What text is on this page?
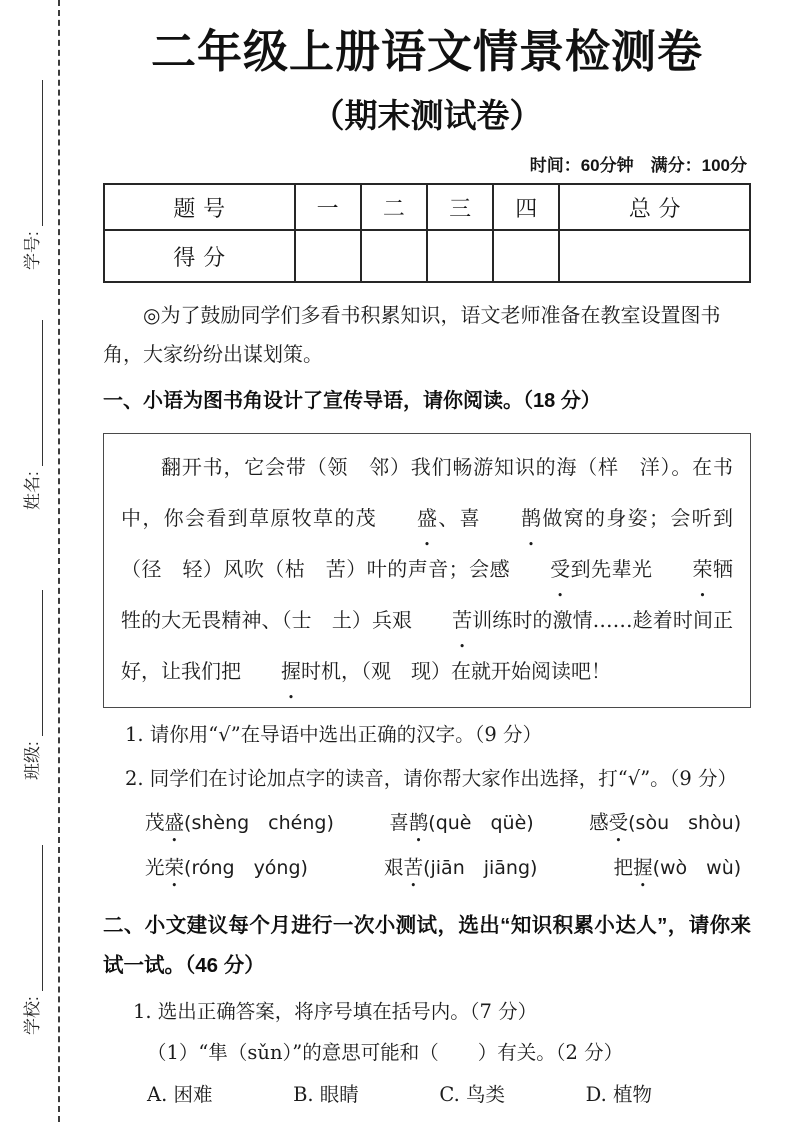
学号:
姓名:
班级:
学校:
二年级上册语文情景检测卷
（期末测试卷）
时间：60分钟　满分：100分
题号	一	二	三	四	总分
得分					

◎为了鼓励同学们多看书积累知识，语文老师准备在教室设置图书角，大家纷纷出谋划策。

一、小语为图书角设计了宣传导语，请你阅读。（18 分）
翻开书，它会带（领　邻）我们畅游知识的海（样　洋）。在书中，你会看到草原牧草的茂 盛、喜 鹊做窝的身姿；会听到（径　轻）风吹（枯　苦）叶的声音；会感 受到先辈光 荣牺牲的大无畏精神、（士　土）兵艰 苦训练时的激情……趁着时间正好，让我们把 握时机，（观　现）在就开始阅读吧！
1. 请你用“√”在导语中选出正确的汉字。（9 分）
2. 同学们在讨论加点字的读音，请你帮大家作出选择，打“√”。（9 分）
茂盛(shèng　chéng)	喜鹊(què　qüè)	感受(sòu　shòu)
光荣(róng　yóng)	艰苦(jiān　jiāng)	把握(wò　wù)
二、小文建议每个月进行一次小测试，选出“知识积累小达人”，请你来试一试。（46 分）
1. 选出正确答案，将序号填在括号内。（7 分）
（1）“隼（sǔn）”的意思可能和（　　）有关。（2 分）
A. 困难	B. 眼睛	C. 鸟类	D. 植物
